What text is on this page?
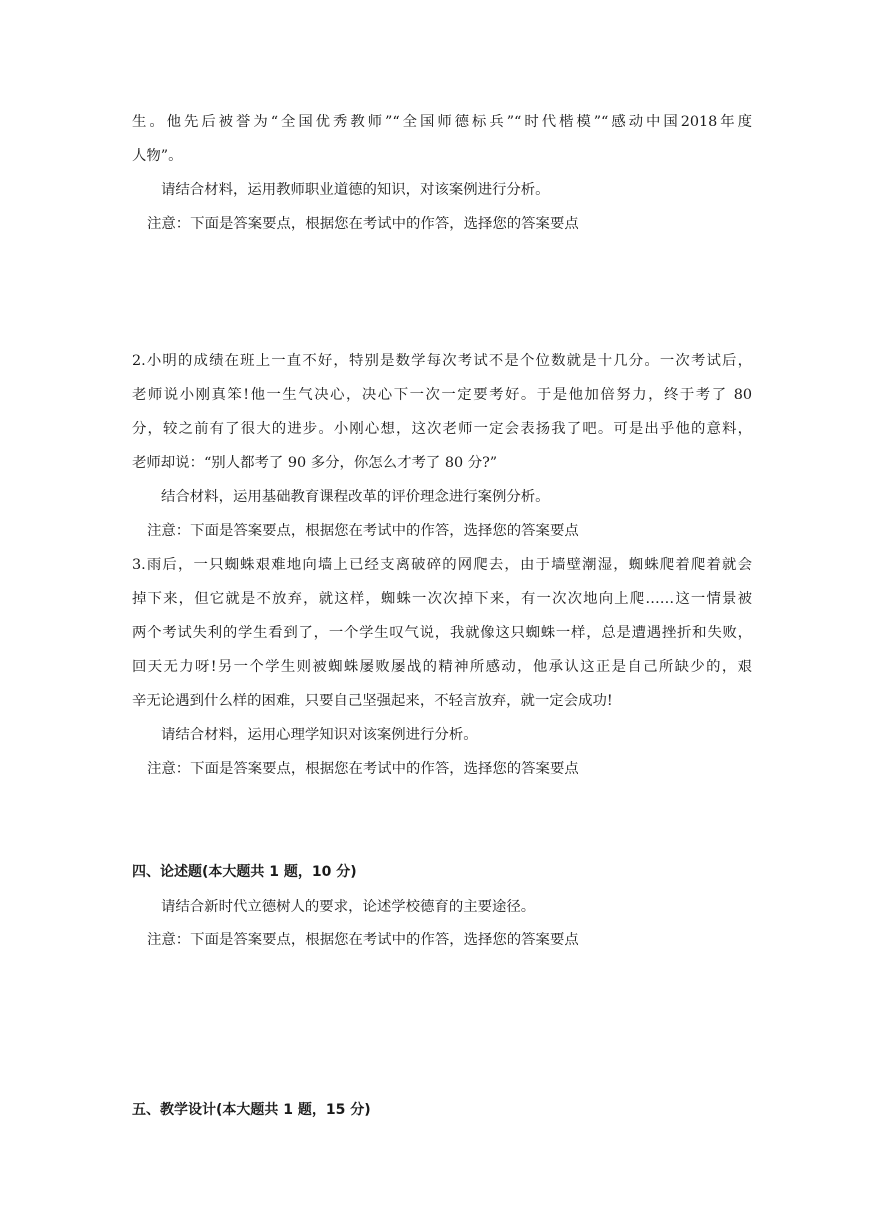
生。他先后被誉为“全国优秀教师”“全国师德标兵”“时代楷模”“感动中国2018年度
人物”。
请结合材料，运用教师职业道德的知识，对该案例进行分析。
注意：下面是答案要点，根据您在考试中的作答，选择您的答案要点
2.小明的成绩在班上一直不好，特别是数学每次考试不是个位数就是十几分。一次考试后，
老师说小刚真笨!他一生气决心，决心下一次一定要考好。于是他加倍努力，终于考了 80
分，较之前有了很大的进步。小刚心想，这次老师一定会表扬我了吧。可是出乎他的意料，
老师却说：“别人都考了 90 多分，你怎么才考了 80 分?”
结合材料，运用基础教育课程改革的评价理念进行案例分析。
注意：下面是答案要点，根据您在考试中的作答，选择您的答案要点
3.雨后，一只蜘蛛艰难地向墙上已经支离破碎的网爬去，由于墙壁潮湿，蜘蛛爬着爬着就会
掉下来，但它就是不放弃，就这样，蜘蛛一次次掉下来，有一次次地向上爬……这一情景被
两个考试失利的学生看到了，一个学生叹气说，我就像这只蜘蛛一样，总是遭遇挫折和失败，
回天无力呀!另一个学生则被蜘蛛屡败屡战的精神所感动，他承认这正是自己所缺少的，艰
辛无论遇到什么样的困难，只要自己坚强起来，不轻言放弃，就一定会成功!
请结合材料，运用心理学知识对该案例进行分析。
注意：下面是答案要点，根据您在考试中的作答，选择您的答案要点
四、论述题(本大题共 1 题，10 分)
请结合新时代立德树人的要求，论述学校德育的主要途径。
注意：下面是答案要点，根据您在考试中的作答，选择您的答案要点
五、教学设计(本大题共 1 题，15 分)
